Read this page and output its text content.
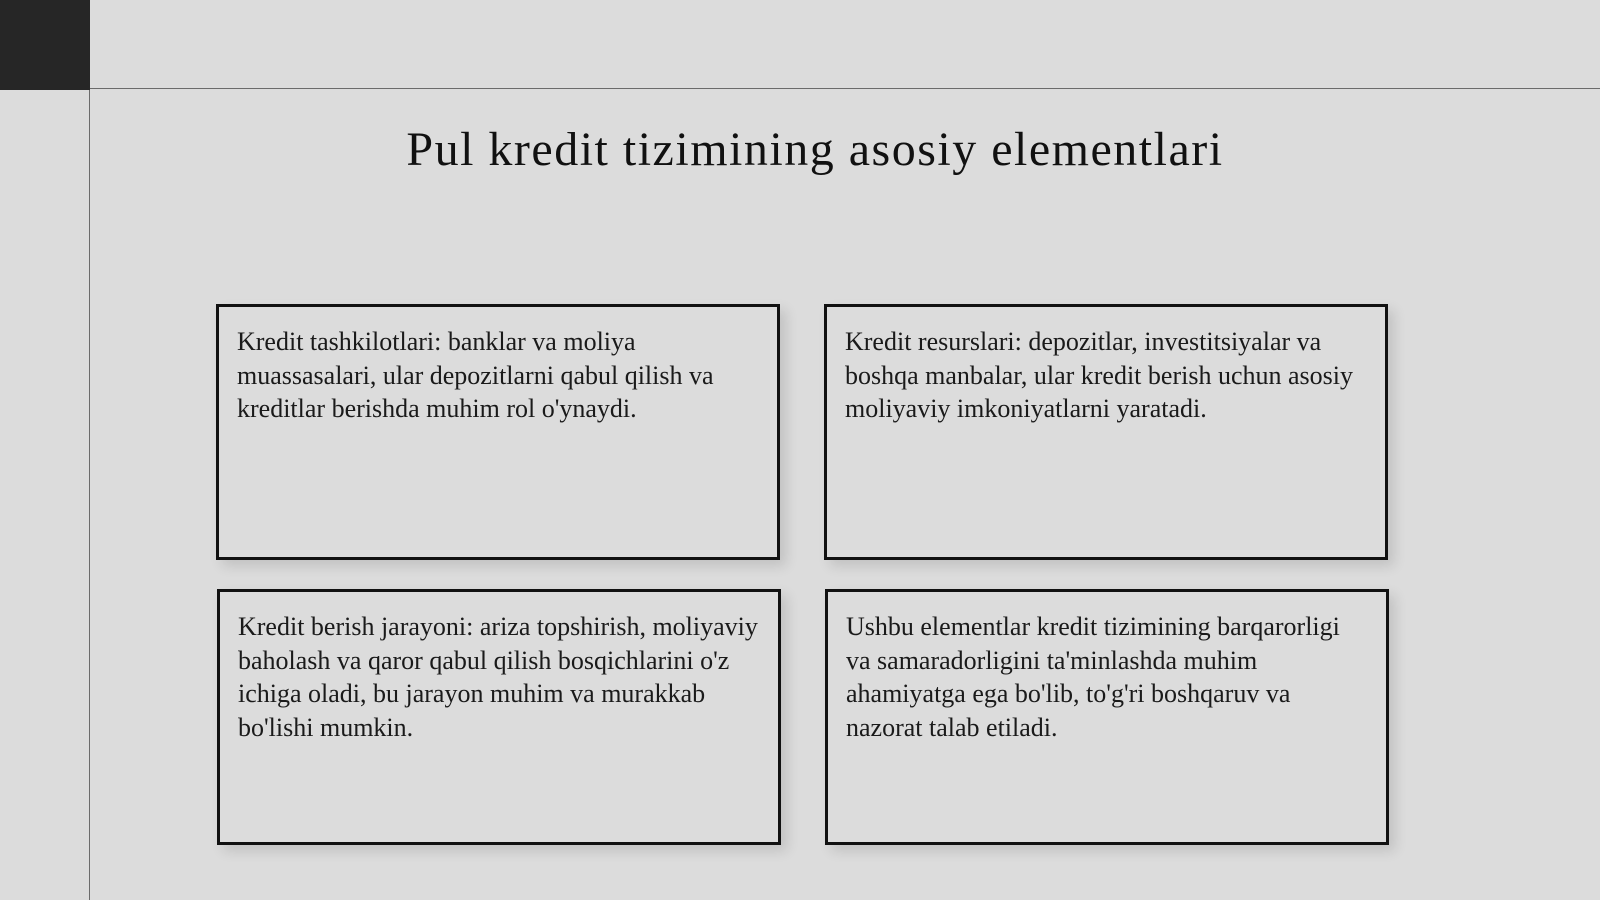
Pul kredit tizimining asosiy elementlari
Kredit tashkilotlari: banklar va moliya muassasalari, ular depozitlarni qabul qilish va kreditlar berishda muhim rol o'ynaydi.
Kredit resurslari: depozitlar, investitsiyalar va boshqa manbalar, ular kredit berish uchun asosiy moliyaviy imkoniyatlarni yaratadi.
Kredit berish jarayoni: ariza topshirish, moliyaviy baholash va qaror qabul qilish bosqichlarini o'z ichiga oladi, bu jarayon muhim va murakkab bo'lishi mumkin.
Ushbu elementlar kredit tizimining barqarorligi va samaradorligini ta'minlashda muhim ahamiyatga ega bo'lib, to'g'ri boshqaruv va nazorat talab etiladi.
